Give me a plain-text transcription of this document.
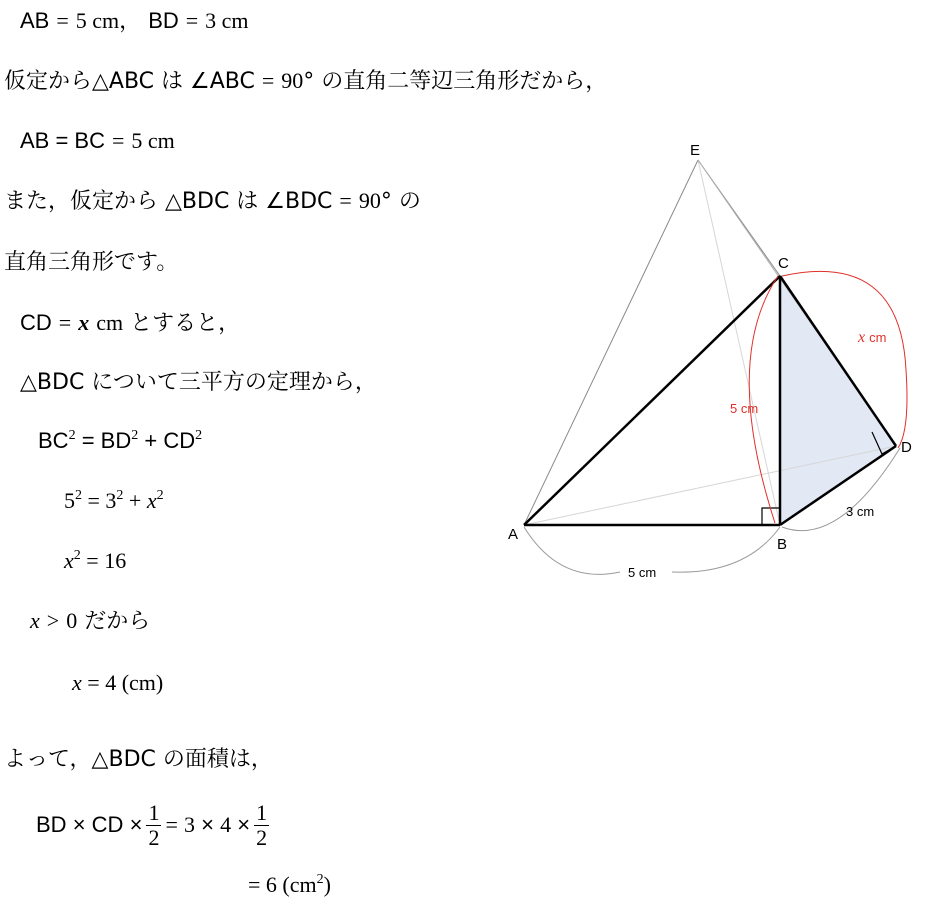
AB = 5 cm， BD = 3 cm
仮定から△ABC は ∠ABC = 90° の直角二等辺三角形だから，
AB = BC = 5 cm
また，仮定から △BDC は ∠BDC = 90° の
直角三角形です。
CD = x cm とすると，
△BDC について三平方の定理から，
$BC^2 = BD^2 + CD^2$
$5^2 = 3^2 + x^2$
$x^2 = 16$
x > 0 だから
x = 4 (cm)
よって，△BDC の面積は，
BD
×
CD
× $\frac{1}{2}$ =
3
×
4
× $\frac{1}{2}$
= 6 $(cm^2)$
E
C
D
A
B
5 cm
3 cm
5 cm
x cm
